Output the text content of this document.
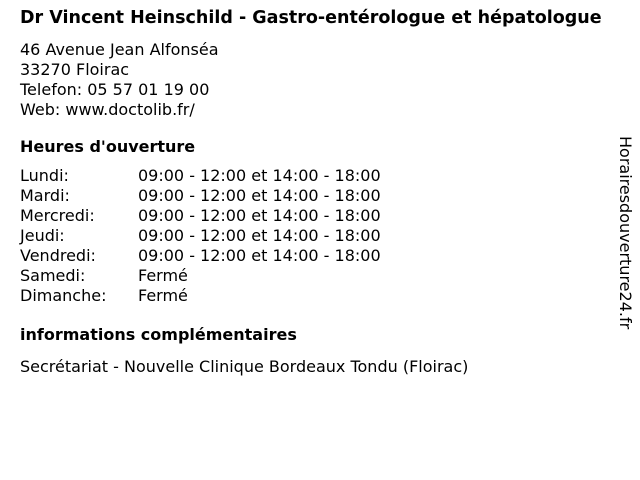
Dr Vincent Heinschild - Gastro-entérologue et hépatologue
46 Avenue Jean Alfonséa
33270 Floirac
Telefon: 05 57 01 19 00
Web: www.doctolib.fr/
Heures d'ouverture
Lundi:	09:00 - 12:00 et 14:00 - 18:00
Mardi:	09:00 - 12:00 et 14:00 - 18:00
Mercredi:	09:00 - 12:00 et 14:00 - 18:00
Jeudi:	09:00 - 12:00 et 14:00 - 18:00
Vendredi:	09:00 - 12:00 et 14:00 - 18:00
Samedi:	Fermé
Dimanche:	Fermé
informations complémentaires
Secrétariat - Nouvelle Clinique Bordeaux Tondu (Floirac)
Horairesdouverture24.fr
